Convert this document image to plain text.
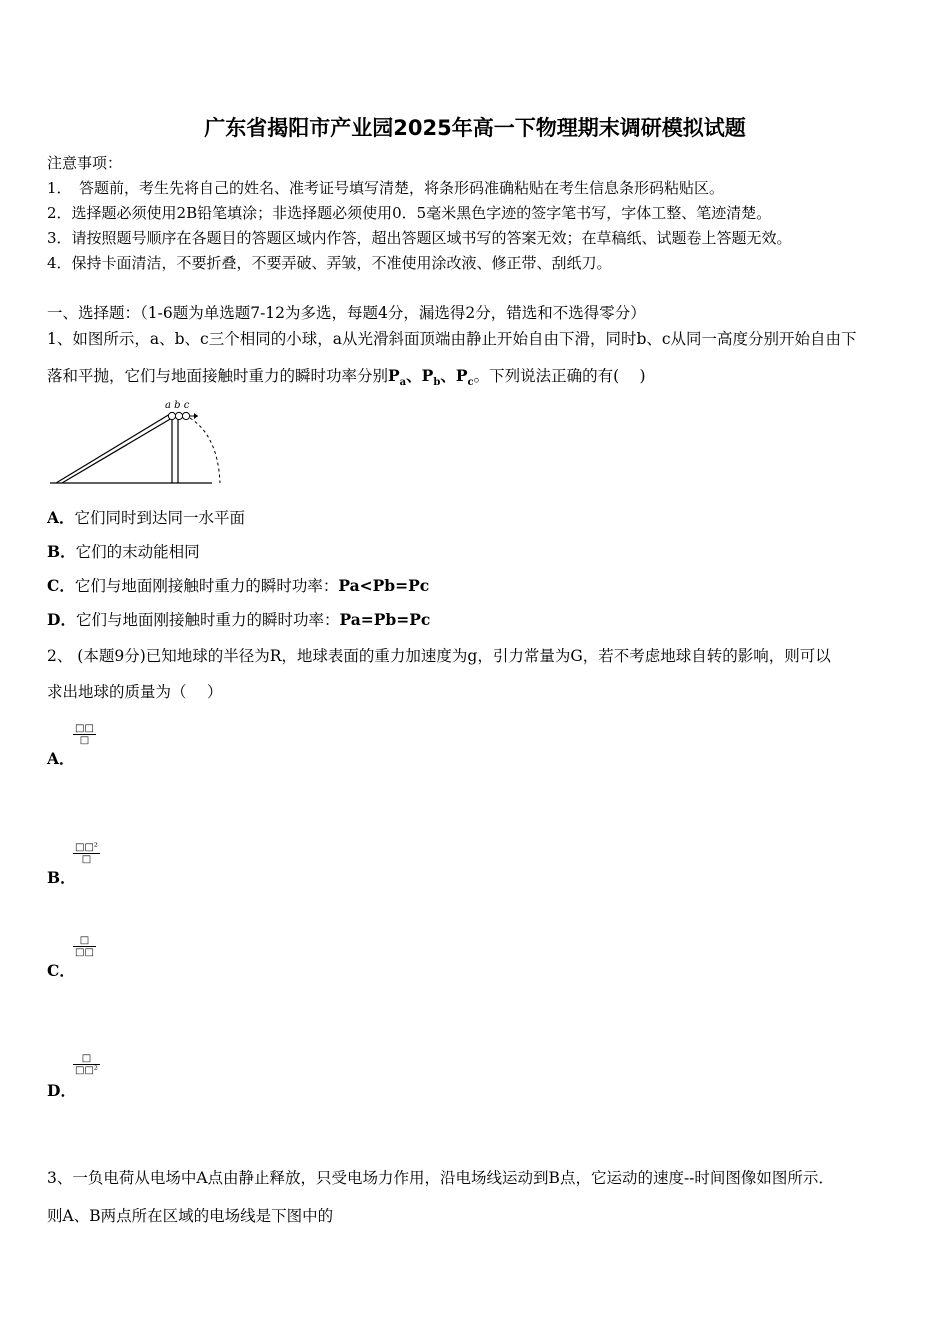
广东省揭阳市产业园2025年高一下物理期末调研模拟试题
注意事项：
1．　答题前，考生先将自己的姓名、准考证号填写清楚，将条形码准确粘贴在考生信息条形码粘贴区。
2．选择题必须使用2B铅笔填涂；非选择题必须使用0．5毫米黑色字迹的签字笔书写，字体工整、笔迹清楚。
3．请按照题号顺序在各题目的答题区域内作答，超出答题区域书写的答案无效；在草稿纸、试题卷上答题无效。
4．保持卡面清洁，不要折叠，不要弄破、弄皱，不准使用涂改液、修正带、刮纸刀。
一、选择题：（1-6题为单选题7-12为多选，每题4分，漏选得2分，错选和不选得零分）
1、如图所示，a、b、c三个相同的小球，a从光滑斜面顶端由静止开始自由下滑，同时b、c从同一高度分别开始自由下
落和平抛，它们与地面接触时重力的瞬时功率分别$P_a$、$P_b$、$P_c$。下列说法正确的有(　 )
a b c
A．它们同时到达同一水平面
B．它们的末动能相同
C．它们与地面刚接触时重力的瞬时功率：Pa<Pb=Pc
D．它们与地面刚接触时重力的瞬时功率：Pa=Pb=Pc
2、 (本题9分)已知地球的半径为R，地球表面的重力加速度为g，引力常量为G，若不考虑地球自转的影响，则可以
求出地球的质量为（　 ）
A．
□□
□
B．
□□²
□
C．
□
□□
D．
□
□□²
3、一负电荷从电场中A点由静止释放，只受电场力作用，沿电场线运动到B点，它运动的速度--时间图像如图所示．
则A、B两点所在区域的电场线是下图中的
